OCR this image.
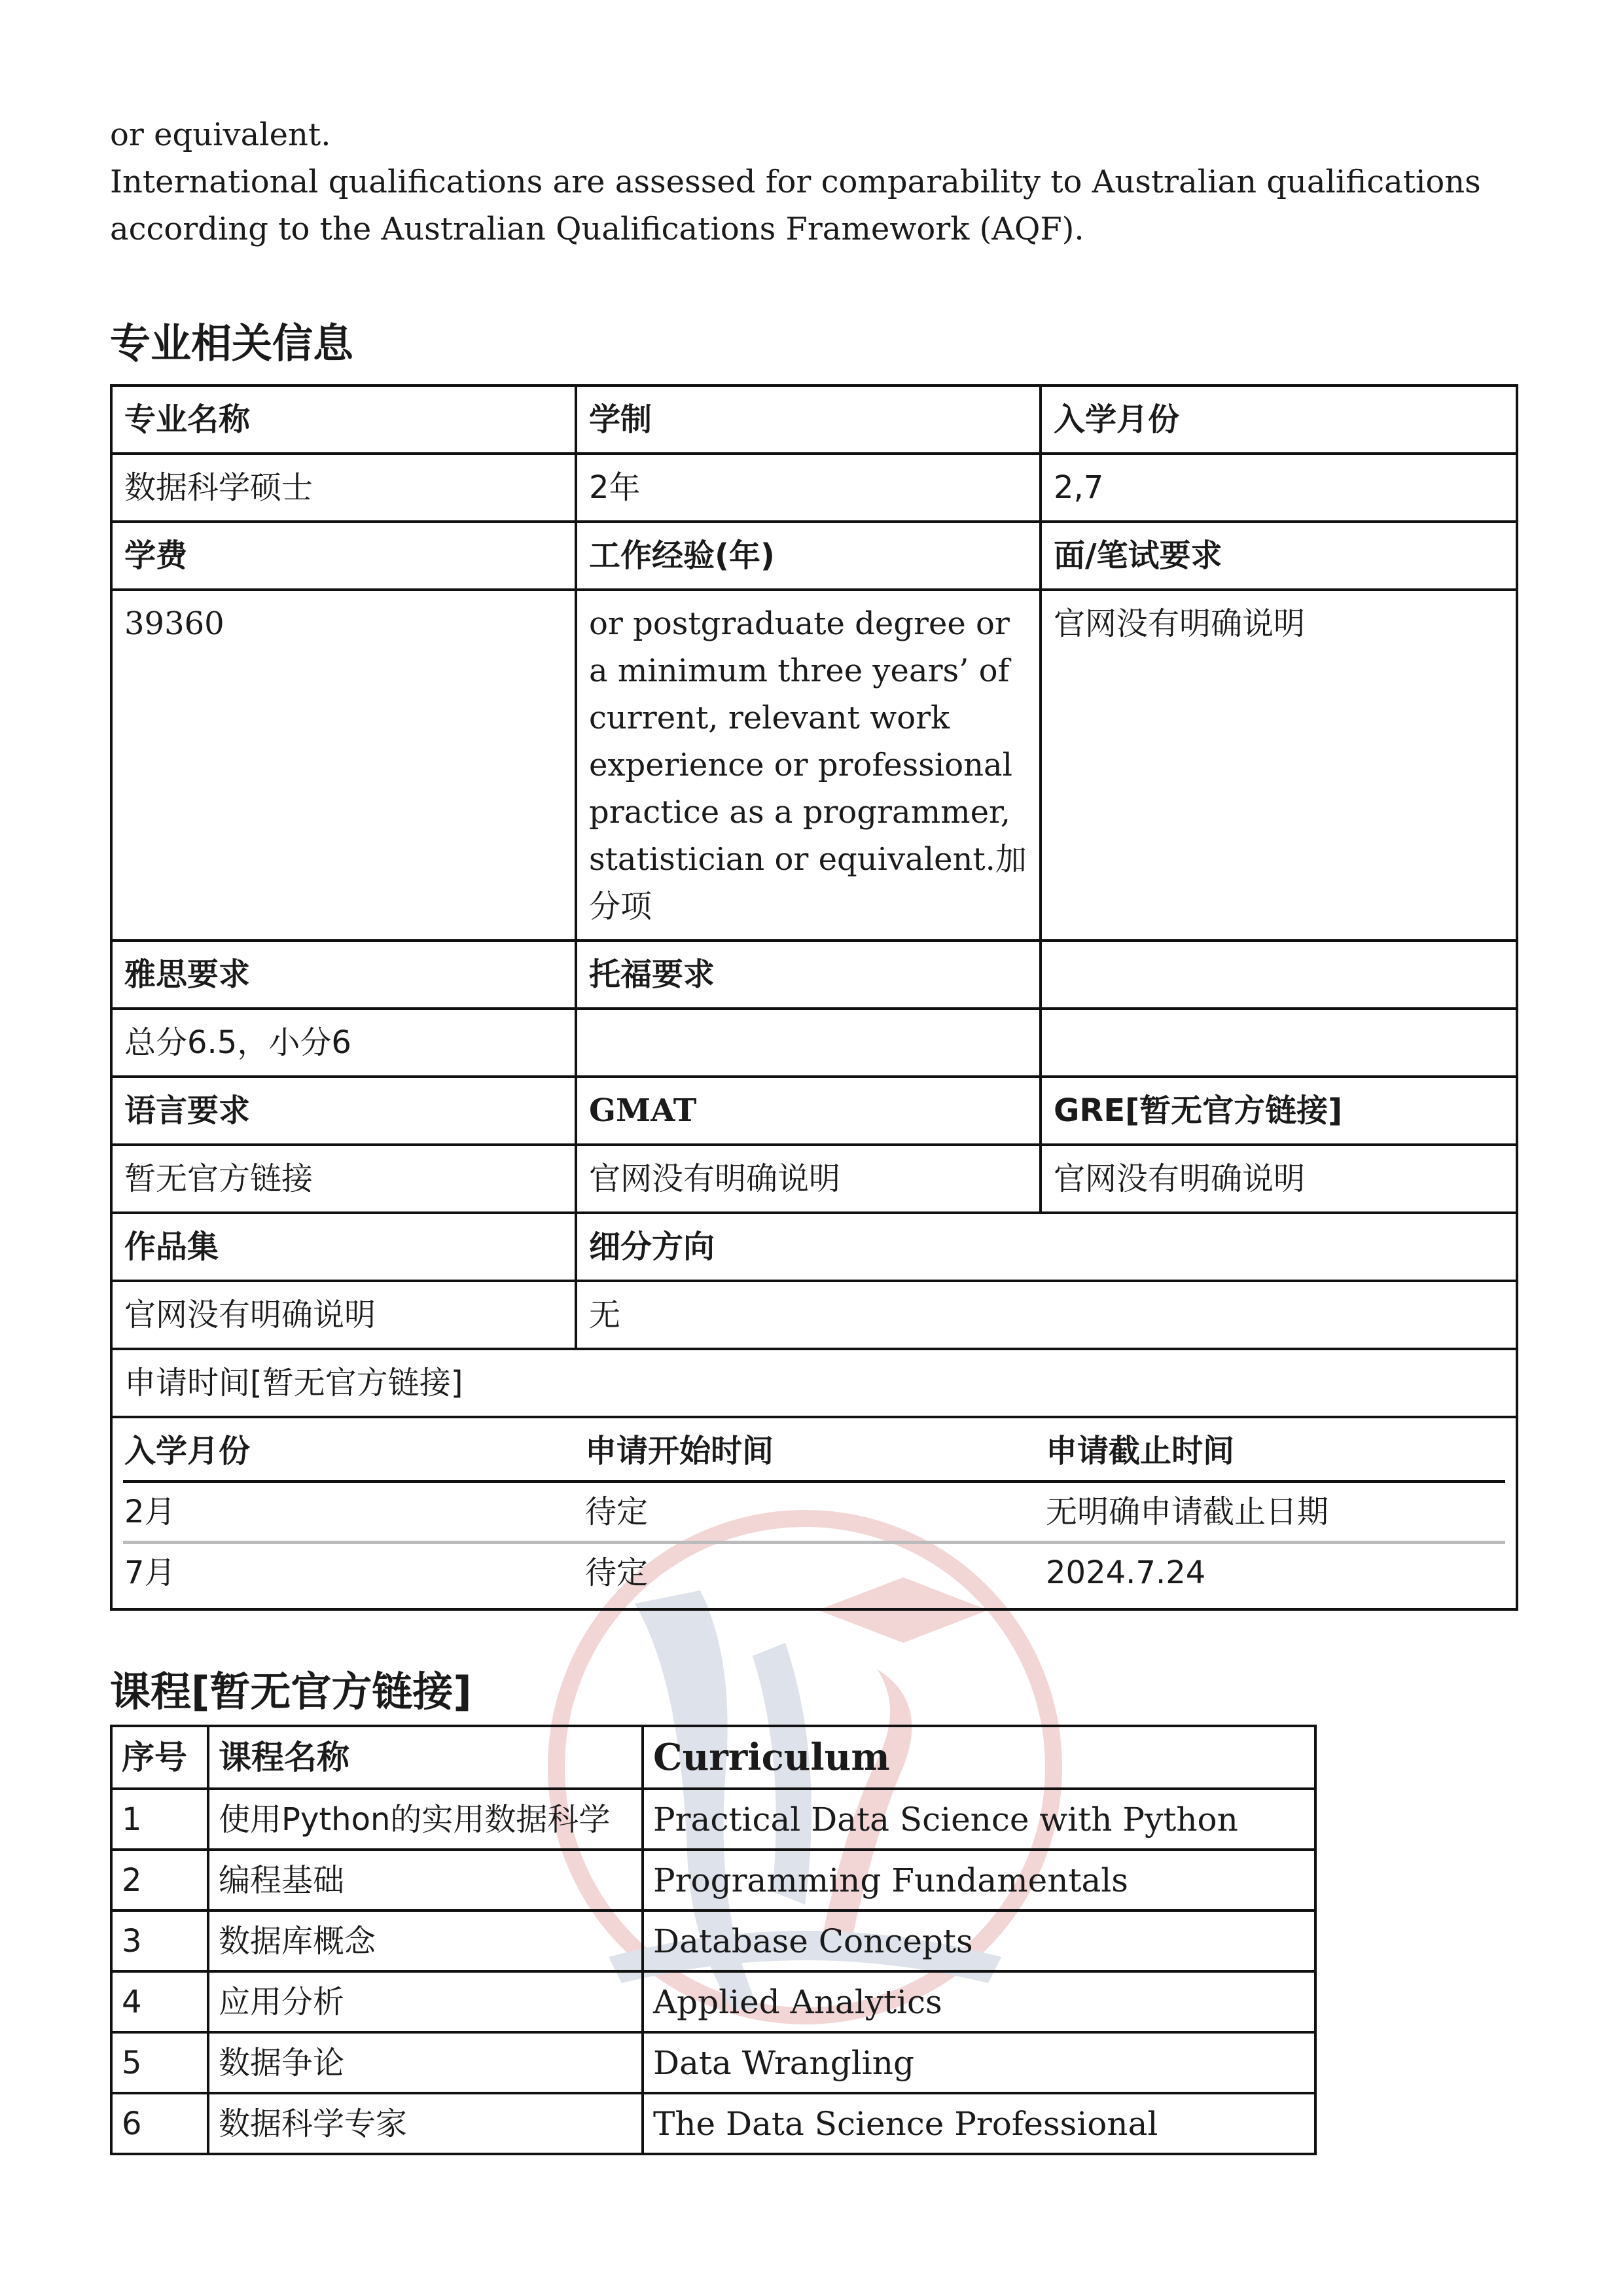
or equivalent.
International qualifications are assessed for comparability to Australian qualifications
according to the Australian Qualifications Framework (AQF).
专业相关信息
专业名称	学制	入学月份
数据科学硕士	2年	2,7
学费	工作经验(年)	面/笔试要求
39360	or postgraduate degree or a minimum three years’ of current, relevant work experience or professional practice as a programmer, statistician or equivalent.加分项	官网没有明确说明
雅思要求	托福要求	
总分6.5，小分6		
语言要求	GMAT	GRE[暂无官方链接]
暂无官方链接	官网没有明确说明	官网没有明确说明
作品集	细分方向
官网没有明确说明	无
申请时间[暂无官方链接]

入学月份	申请开始时间	申请截止时间
2月	待定	无明确申请截止日期
7月	待定	2024.7.24
课程[暂无官方链接]
序号	课程名称	Curriculum
1	使用Python的实用数据科学	Practical Data Science with Python
2	编程基础	Programming Fundamentals
3	数据库概念	Database Concepts
4	应用分析	Applied Analytics
5	数据争论	Data Wrangling
6	数据科学专家	The Data Science Professional
